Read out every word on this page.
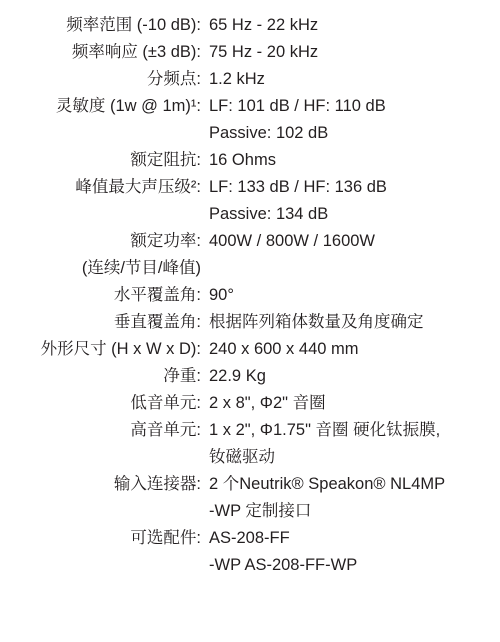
频率范围 (-10 dB): 65 Hz - 22 kHz
频率响应 (±3 dB): 75 Hz - 20 kHz
分频点: 1.2 kHz
灵敏度 (1w @ 1m)¹: LF: 101 dB / HF: 110 dB
Passive: 102 dB
额定阻抗: 16 Ohms
峰值最大声压级²: LF: 133 dB / HF: 136 dB
Passive: 134 dB
额定功率: 400W / 800W / 1600W
(连续/节目/峰值)
水平覆盖角: 90°
垂直覆盖角: 根据阵列箱体数量及角度确定
外形尺寸 (H x W x D): 240 x 600 x 440 mm
净重: 22.9 Kg
低音单元: 2 x 8", Φ2" 音圈
高音单元: 1 x 2", Φ1.75" 音圈 硬化钛振膜,
钕磁驱动
输入连接器: 2 个Neutrik® Speakon® NL4MP
-WP 定制接口
可选配件: AS-208-FF
-WP AS-208-FF-WP
